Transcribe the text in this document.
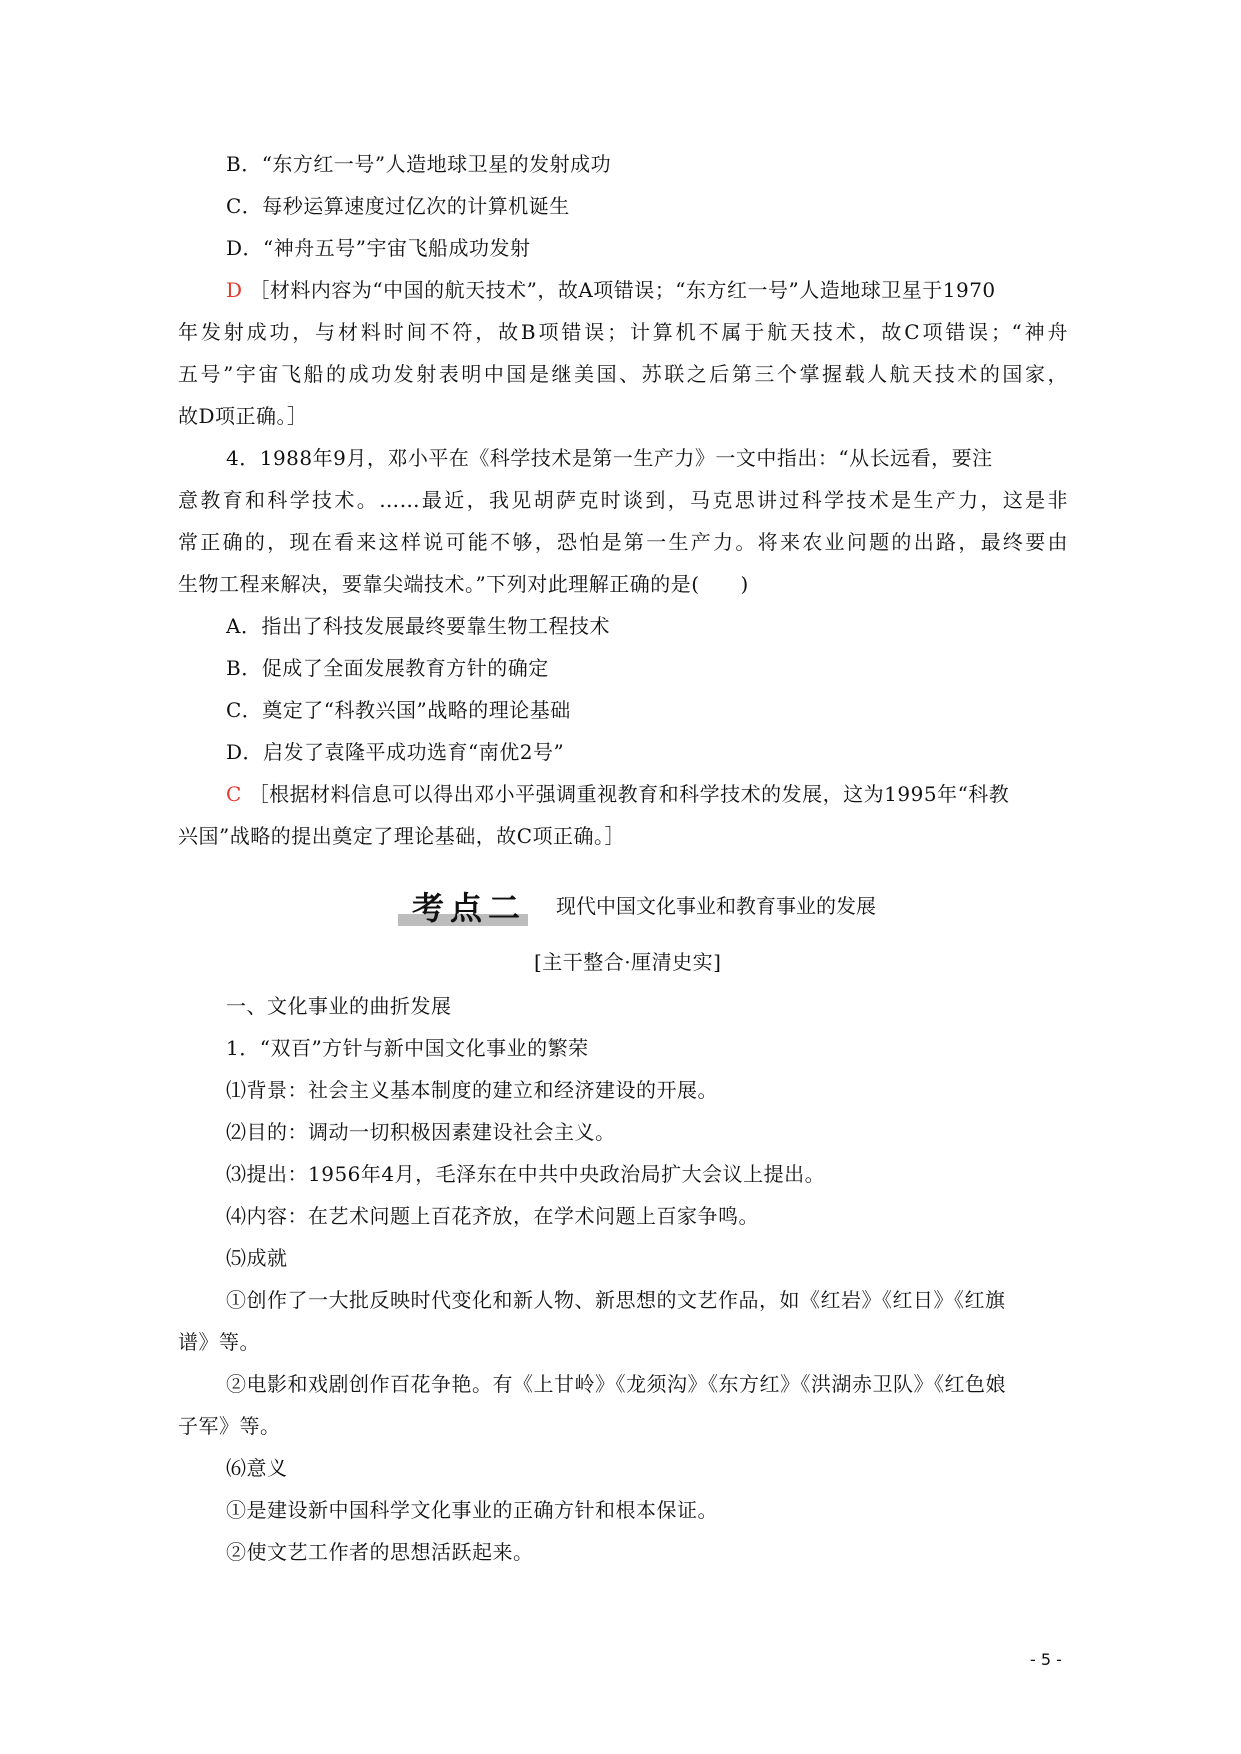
B．“东方红一号”人造地球卫星的发射成功
C．每秒运算速度过亿次的计算机诞生
D．“神舟五号”宇宙飞船成功发射
D ［材料内容为“中国的航天技术”，故A项错误；“东方红一号”人造地球卫星于1970
年发射成功，与材料时间不符，故B项错误；计算机不属于航天技术，故C项错误；“神舟
五号”宇宙飞船的成功发射表明中国是继美国、苏联之后第三个掌握载人航天技术的国家，
故D项正确。］
4．1988年9月，邓小平在《科学技术是第一生产力》一文中指出：“从长远看，要注
意教育和科学技术。……最近，我见胡萨克时谈到，马克思讲过科学技术是生产力，这是非
常正确的，现在看来这样说可能不够，恐怕是第一生产力。将来农业问题的出路，最终要由
生物工程来解决，要靠尖端技术。”下列对此理解正确的是(　　)
A．指出了科技发展最终要靠生物工程技术
B．促成了全面发展教育方针的确定
C．奠定了“科教兴国”战略的理论基础
D．启发了袁隆平成功选育“南优2号”
C ［根据材料信息可以得出邓小平强调重视教育和科学技术的发展，这为1995年“科教
兴国”战略的提出奠定了理论基础，故C项正确。］
考点二 现代中国文化事业和教育事业的发展
[主干整合·厘清史实]
一、文化事业的曲折发展
1．“双百”方针与新中国文化事业的繁荣
⑴背景：社会主义基本制度的建立和经济建设的开展。
⑵目的：调动一切积极因素建设社会主义。
⑶提出：1956年4月，毛泽东在中共中央政治局扩大会议上提出。
⑷内容：在艺术问题上百花齐放，在学术问题上百家争鸣。
⑸成就
①创作了一大批反映时代变化和新人物、新思想的文艺作品，如《红岩》《红日》《红旗
谱》等。
②电影和戏剧创作百花争艳。有《上甘岭》《龙须沟》《东方红》《洪湖赤卫队》《红色娘
子军》等。
⑹意义
①是建设新中国科学文化事业的正确方针和根本保证。
②使文艺工作者的思想活跃起来。
- 5 -
